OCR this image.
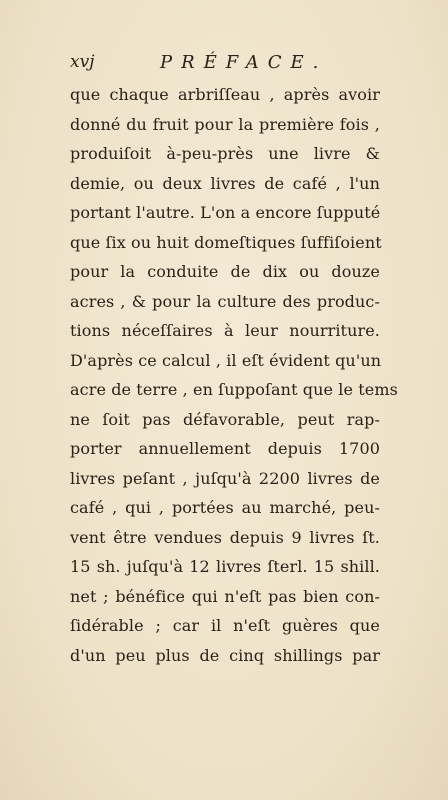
xvj	PRÉFACE.
que chaque arbriſſeau , après avoir
donné du fruit pour la première fois ,
produiſoit à-peu-près une livre &
demie, ou deux livres de café , l'un
portant l'autre. L'on a encore ſupputé
que ſix ou huit domeſtiques ſuffiſoient
pour la conduite de dix ou douze
acres , & pour la culture des produc-
tions néceſſaires à leur nourriture.
D'après ce calcul , il eſt évident qu'un
acre de terre , en ſuppoſant que le tems
ne ſoit pas défavorable, peut rap-
porter annuellement depuis 1700
livres peſant , juſqu'à 2200 livres de
café , qui , portées au marché, peu-
vent être vendues depuis 9 livres ſt.
15 sh. juſqu'à 12 livres ſterl. 15 shill.
net ; bénéfice qui n'eſt pas bien con-
ſidérable ; car il n'eſt guères que
d'un peu plus de cinq shillings par
